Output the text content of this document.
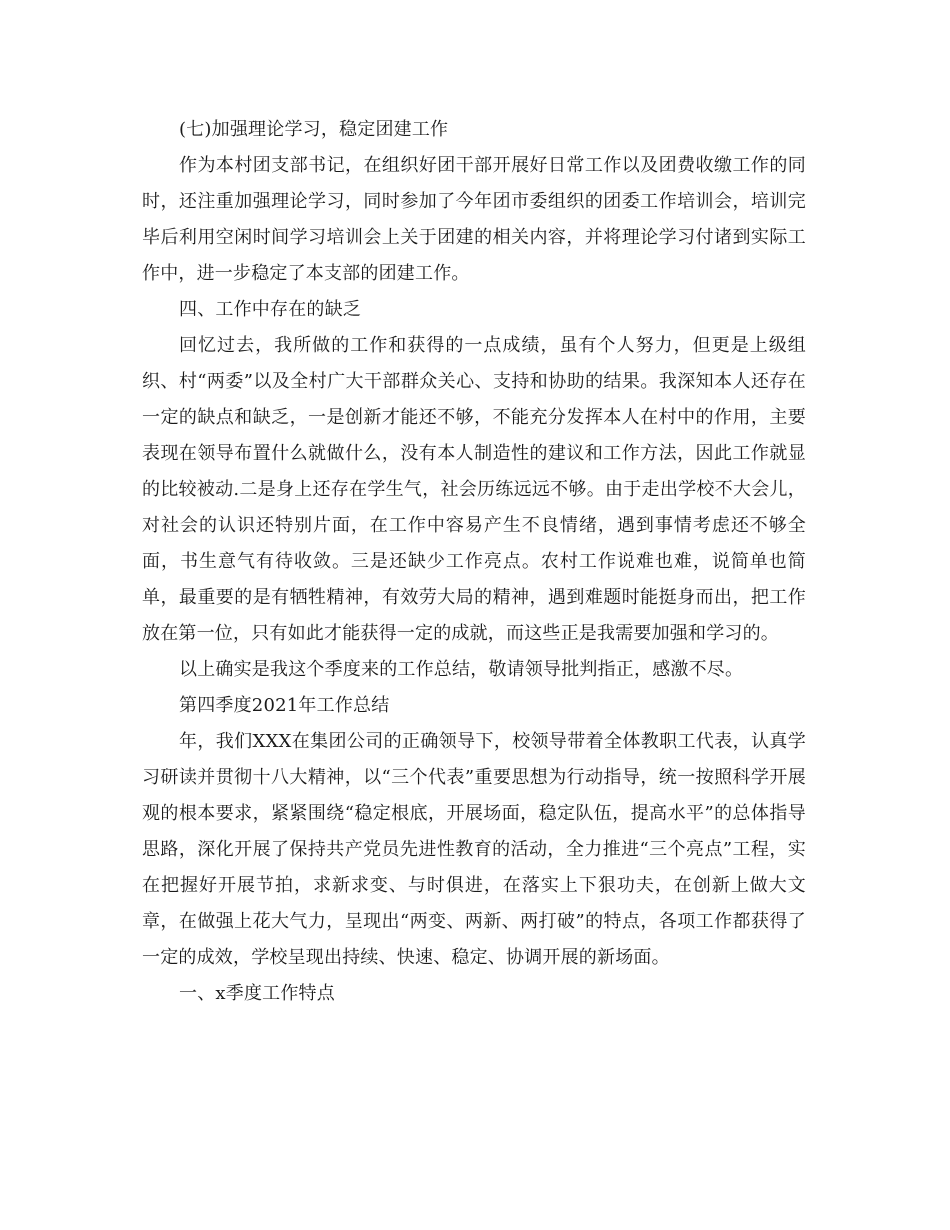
(七)加强理论学习，稳定团建工作

作为本村团支部书记，在组织好团干部开展好日常工作以及团费收缴工作的同时，还注重加强理论学习，同时参加了今年团市委组织的团委工作培训会，培训完毕后利用空闲时间学习培训会上关于团建的相关内容，并将理论学习付诸到实际工作中，进一步稳定了本支部的团建工作。

四、工作中存在的缺乏

回忆过去，我所做的工作和获得的一点成绩，虽有个人努力，但更是上级组织、村“两委”以及全村广大干部群众关心、支持和协助的结果。我深知本人还存在一定的缺点和缺乏，一是创新才能还不够，不能充分发挥本人在村中的作用，主要表现在领导布置什么就做什么，没有本人制造性的建议和工作方法，因此工作就显的比较被动.二是身上还存在学生气，社会历练远远不够。由于走出学校不大会儿，对社会的认识还特别片面，在工作中容易产生不良情绪，遇到事情考虑还不够全面，书生意气有待收敛。三是还缺少工作亮点。农村工作说难也难，说简单也简单，最重要的是有牺牲精神，有效劳大局的精神，遇到难题时能挺身而出，把工作放在第一位，只有如此才能获得一定的成就，而这些正是我需要加强和学习的。

以上确实是我这个季度来的工作总结，敬请领导批判指正，感激不尽。

第四季度2021年工作总结

年，我们XXX在集团公司的正确领导下，校领导带着全体教职工代表，认真学习研读并贯彻十八大精神，以“三个代表”重要思想为行动指导，统一按照科学开展观的根本要求，紧紧围绕“稳定根底，开展场面，稳定队伍，提高水平”的总体指导思路，深化开展了保持共产党员先进性教育的活动，全力推进“三个亮点”工程，实在把握好开展节拍，求新求变、与时俱进，在落实上下狠功夫，在创新上做大文章，在做强上花大气力，呈现出“两变、两新、两打破”的特点，各项工作都获得了一定的成效，学校呈现出持续、快速、稳定、协调开展的新场面。

一、x季度工作特点
